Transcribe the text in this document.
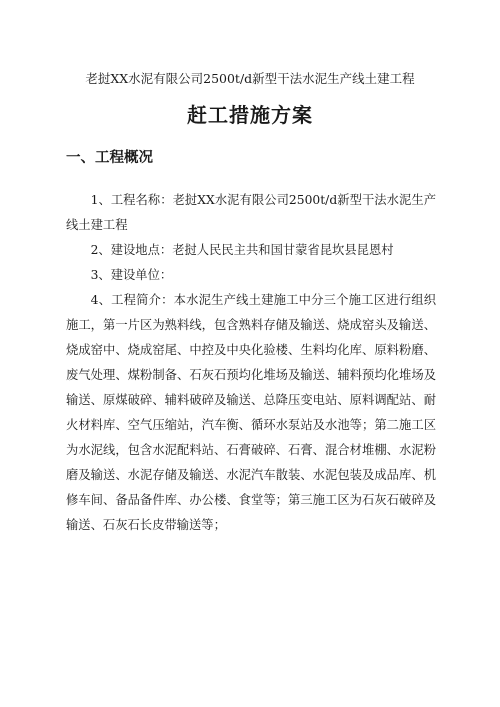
老挝XX水泥有限公司2500t/d新型干法水泥生产线土建工程
赶工措施方案
一、工程概况

1、工程名称：老挝XX水泥有限公司2500t/d新型干法水泥生产线土建工程

2、建设地点：老挝人民民主共和国甘蒙省昆坎县昆恩村

3、建设单位：

4、工程简介：本水泥生产线土建施工中分三个施工区进行组织施工，第一片区为熟料线，包含熟料存储及输送、烧成窑头及输送、烧成窑中、烧成窑尾、中控及中央化验楼、生料均化库、原料粉磨、废气处理、煤粉制备、石灰石预均化堆场及输送、辅料预均化堆场及输送、原煤破碎、辅料破碎及输送、总降压变电站、原料调配站、耐火材料库、空气压缩站，汽车衡、循环水泵站及水池等；第二施工区为水泥线，包含水泥配料站、石膏破碎、石膏、混合材堆棚、水泥粉磨及输送、水泥存储及输送、水泥汽车散装、水泥包装及成品库、机修车间、备品备件库、办公楼、食堂等；第三施工区为石灰石破碎及输送、石灰石长皮带输送等；
